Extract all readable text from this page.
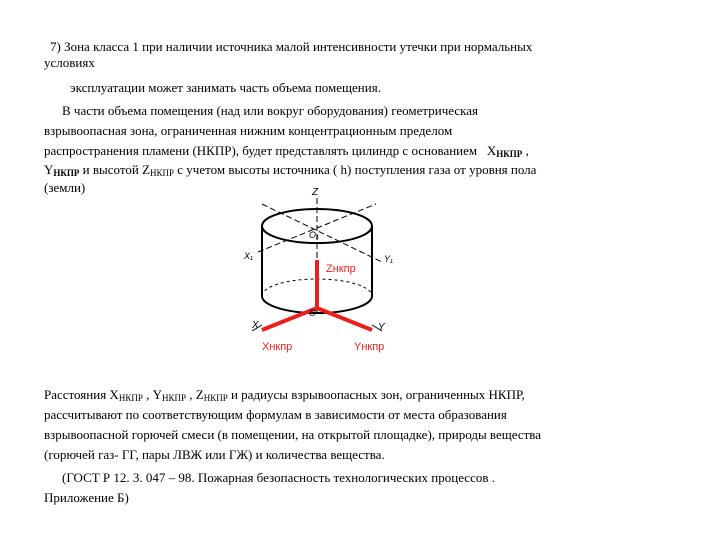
7) Зона класса 1 при наличии источника малой интенсивности утечки при нормальных
условиях
эксплуатации может занимать часть объема помещения.
В части объема помещения (над или вокруг оборудования) геометрическая
взрывоопасная зона, ограниченная нижним концентрационным пределом
распространения пламени (НКПР), будет представлять цилиндр с основанием $X_{НКПР}$ ,
$Y_{НКПР}$ и высотой $Z_{НКПР}$ с учетом высоты источника ( h) поступления газа от уровня пола
(земли)	Z
O₁
X₁	Y₁
Zнкпр
O
X	Y
Xнкпр	Yнкпр
Расстояния $X_{НКПР}$ , $Y_{НКПР}$ , $Z_{НКПР}$ и радиусы взрывоопасных зон, ограниченных НКПР,
рассчитывают по соответствующим формулам в зависимости от места образования
взрывоопасной горючей смеси (в помещении, на открытой площадке), природы вещества
(горючей газ- ГГ, пары ЛВЖ или ГЖ) и количества вещества.
(ГОСТ Р 12. 3. 047 – 98. Пожарная безопасность технологических процессов .
Приложение Б)
